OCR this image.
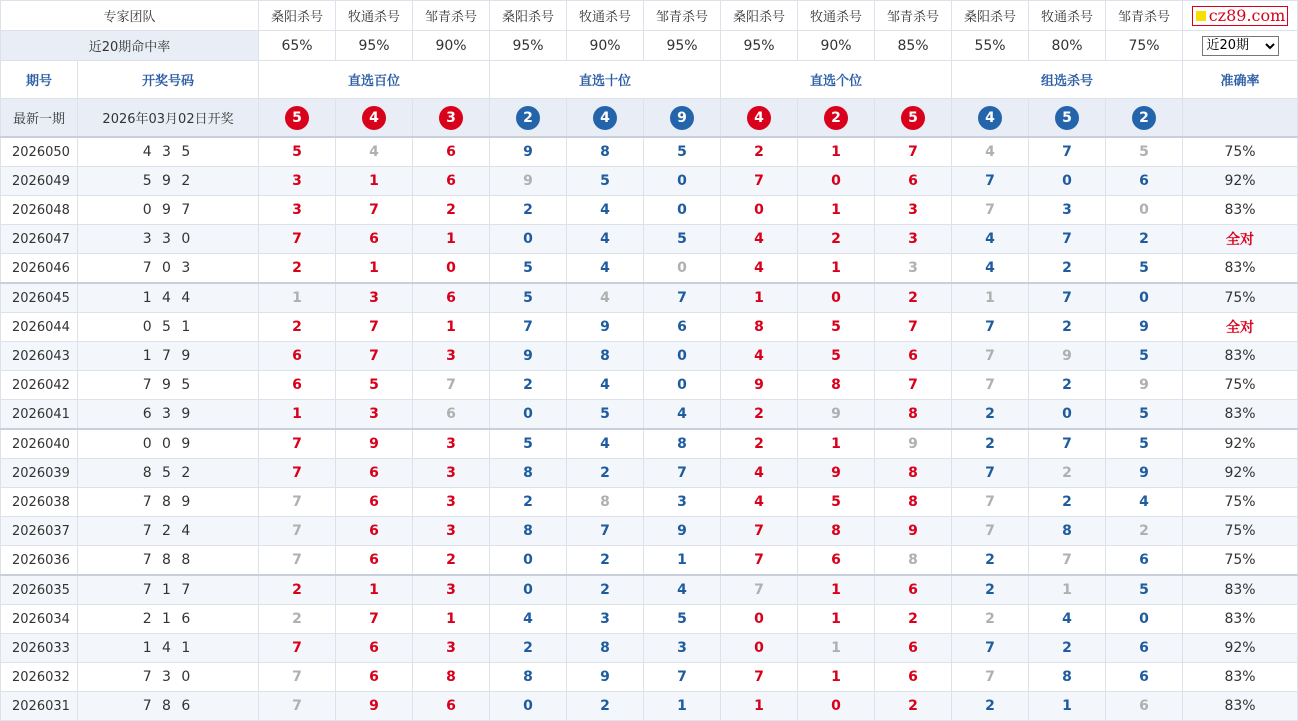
专家团队		桑阳杀号	牧通杀号	邹青杀号	桑阳杀号	牧通杀号	邹青杀号	桑阳杀号	牧通杀号	邹青杀号	桑阳杀号	牧通杀号	邹青杀号	cz89.com
近20期命中率		65%	95%	90%	95%	90%	95%	95%	90%	85%	55%	80%	75%	
近20期
期号	开奖号码	直选百位			直选十位			直选个位			组选杀号			准确率
最新一期	2026年03月02日开奖	5	4	3	2	4	9	4	2	5	4	5	2	
2026050	4 3 5	5	4	6	9	8	5	2	1	7	4	7	5	75%
2026049	5 9 2	3	1	6	9	5	0	7	0	6	7	0	6	92%
2026048	0 9 7	3	7	2	2	4	0	0	1	3	7	3	0	83%
2026047	3 3 0	7	6	1	0	4	5	4	2	3	4	7	2	全对
2026046	7 0 3	2	1	0	5	4	0	4	1	3	4	2	5	83%
2026045	1 4 4	1	3	6	5	4	7	1	0	2	1	7	0	75%
2026044	0 5 1	2	7	1	7	9	6	8	5	7	7	2	9	全对
2026043	1 7 9	6	7	3	9	8	0	4	5	6	7	9	5	83%
2026042	7 9 5	6	5	7	2	4	0	9	8	7	7	2	9	75%
2026041	6 3 9	1	3	6	0	5	4	2	9	8	2	0	5	83%
2026040	0 0 9	7	9	3	5	4	8	2	1	9	2	7	5	92%
2026039	8 5 2	7	6	3	8	2	7	4	9	8	7	2	9	92%
2026038	7 8 9	7	6	3	2	8	3	4	5	8	7	2	4	75%
2026037	7 2 4	7	6	3	8	7	9	7	8	9	7	8	2	75%
2026036	7 8 8	7	6	2	0	2	1	7	6	8	2	7	6	75%
2026035	7 1 7	2	1	3	0	2	4	7	1	6	2	1	5	83%
2026034	2 1 6	2	7	1	4	3	5	0	1	2	2	4	0	83%
2026033	1 4 1	7	6	3	2	8	3	0	1	6	7	2	6	92%
2026032	7 3 0	7	6	8	8	9	7	7	1	6	7	8	6	83%
2026031	7 8 6	7	9	6	0	2	1	1	0	2	2	1	6	83%
